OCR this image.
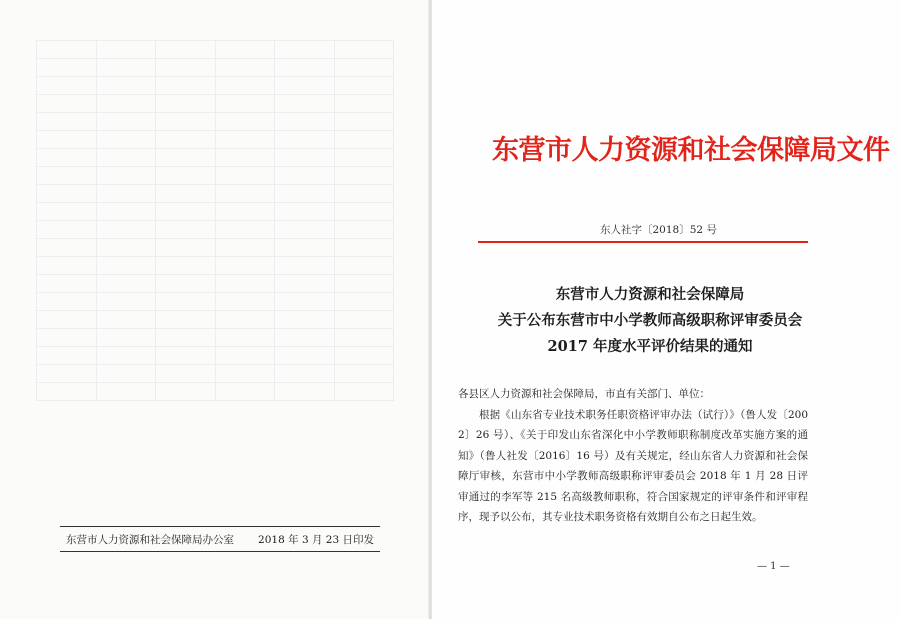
东营市人力资源和社会保障局办公室 2018 年 3 月 23 日印发
东营市人力资源和社会保障局文件
东人社字〔2018〕52 号
东营市人力资源和社会保障局
关于公布东营市中小学教师高级职称评审委员会
2017 年度水平评价结果的通知

各县区人力资源和社会保障局，市直有关部门、单位：

根据《山东省专业技术职务任职资格评审办法（试行）》（鲁人发〔2002〕26 号）、《关于印发山东省深化中小学教师职称制度改革实施方案的通知》（鲁人社发〔2016〕16 号）及有关规定，经山东省人力资源和社会保障厅审核，东营市中小学教师高级职称评审委员会 2018 年 1 月 28 日评审通过的李军等 215 名高级教师职称，符合国家规定的评审条件和评审程序，现予以公布，其专业技术职务资格有效期自公布之日起生效。

— 1 —
